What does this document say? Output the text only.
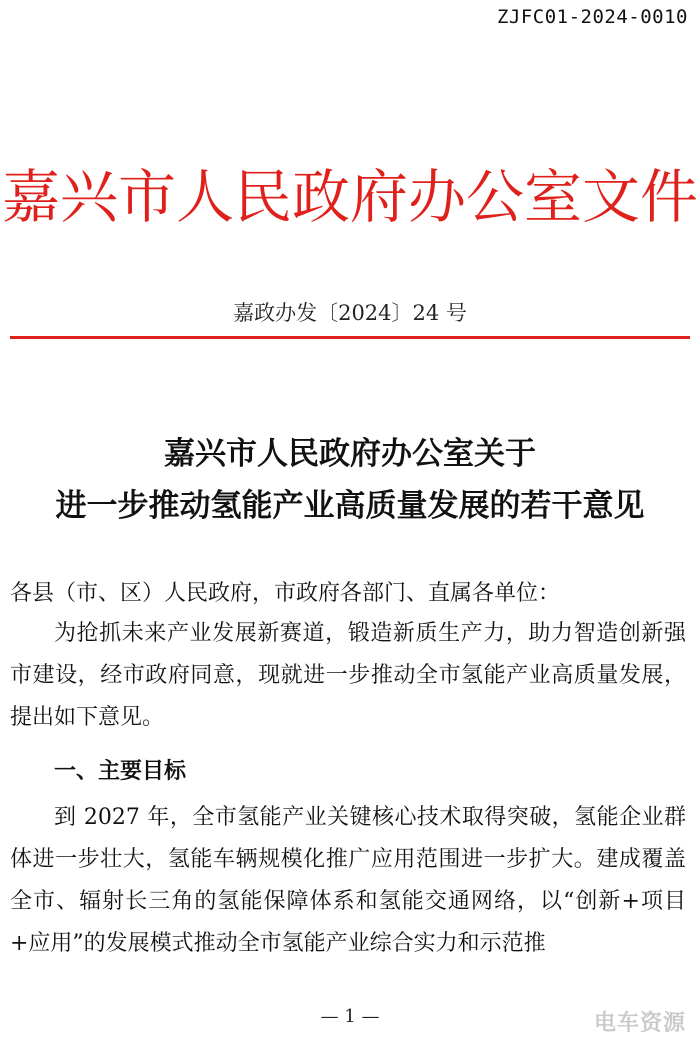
ZJFC01-2024-0010
嘉兴市人民政府办公室文件
嘉政办发〔2024〕24 号
嘉兴市人民政府办公室关于
进一步推动氢能产业高质量发展的若干意见
各县（市、区）人民政府，市政府各部门、直属各单位：

为抢抓未来产业发展新赛道，锻造新质生产力，助力智造创新强市建设，经市政府同意，现就进一步推动全市氢能产业高质量发展，提出如下意见。

一、主要目标

到 2027 年，全市氢能产业关键核心技术取得突破，氢能企业群体进一步壮大，氢能车辆规模化推广应用范围进一步扩大。建成覆盖全市、辐射长三角的氢能保障体系和氢能交通网络，以“创新+项目+应用”的发展模式推动全市氢能产业综合实力和示范推

— 1 —	电车资源
